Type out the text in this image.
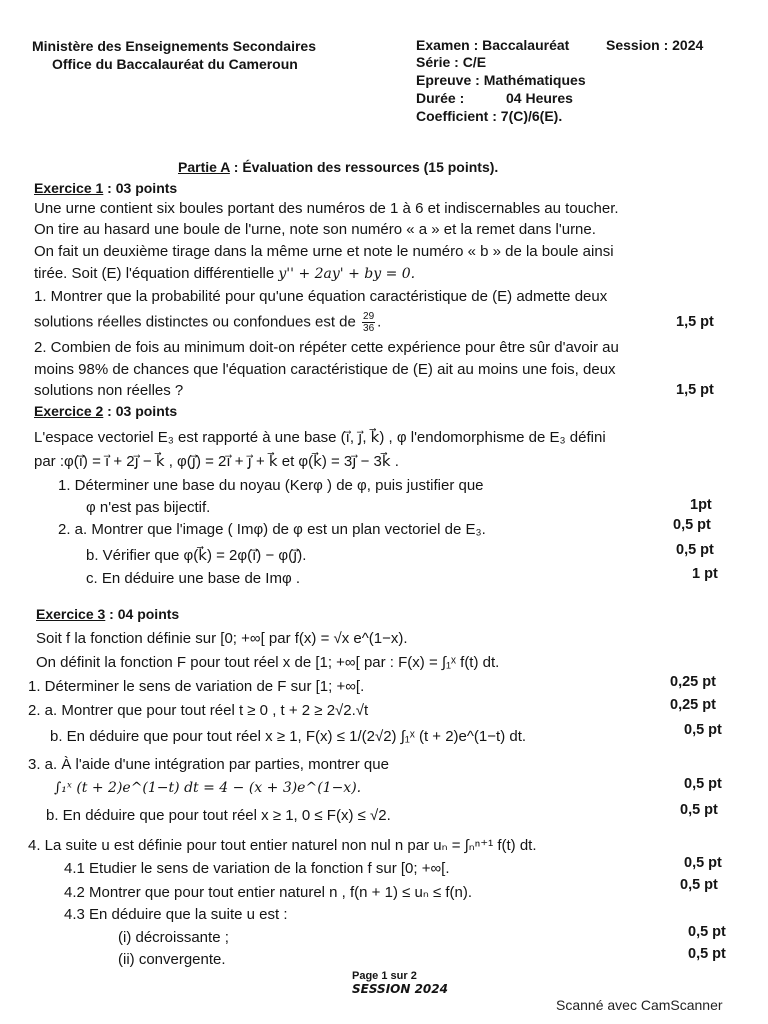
Ministère des Enseignements Secondaires
Office du Baccalauréat du Cameroun
Examen : Baccalauréat	Session : 2024
Série : C/E
Epreuve : Mathématiques
Durée :	04 Heures
Coefficient : 7(C)/6(E).
Partie A : Évaluation des ressources (15 points).
Exercice 1 : 03 points
Une urne contient six boules portant des numéros de 1 à 6 et indiscernables au toucher.
On tire au hasard une boule de l'urne, note son numéro « a » et la remet dans l'urne.
On fait un deuxième tirage dans la même urne et note le numéro « b » de la boule ainsi
tirée. Soit (E) l'équation différentielle y'' + 2ay' + by = 0.
1. Montrer que la probabilité pour qu'une équation caractéristique de (E) admette deux
solutions réelles distinctes ou confondues est de $\frac{29}{36}$ .	1,5 pt
2. Combien de fois au minimum doit-on répéter cette expérience pour être sûr d'avoir au
moins 98% de chances que l'équation caractéristique de (E) ait au moins une fois, deux
solutions non réelles ?	1,5 pt
Exercice 2 : 03 points
L'espace vectoriel E₃ est rapporté à une base (i⃗, j⃗, k⃗) , φ l'endomorphisme de E₃ défini
par :φ(i⃗) = i⃗ + 2j⃗ − k⃗ , φ(j⃗) = 2i⃗ + j⃗ + k⃗ et φ(k⃗) = 3j⃗ − 3k⃗ .
1. Déterminer une base du noyau (Kerφ ) de φ, puis justifier que
φ n'est pas bijectif.	1pt
2. a. Montrer que l'image ( Imφ) de φ est un plan vectoriel de E₃.	0,5 pt
b. Vérifier que φ(k⃗) = 2φ(i⃗) − φ(j⃗).	0,5 pt
c. En déduire une base de Imφ .	1 pt
Exercice 3 : 04 points
Soit f la fonction définie sur [0; +∞[ par f(x) = √x e^(1−x).
On définit la fonction F pour tout réel x de [1; +∞[ par : F(x) = ∫₁ˣ f(t) dt.
1. Déterminer le sens de variation de F sur [1; +∞[.	0,25 pt
2. a. Montrer que pour tout réel t ≥ 0 , t + 2 ≥ 2√2.√t	0,25 pt
b. En déduire que pour tout réel x ≥ 1, F(x) ≤ 1/(2√2) ∫₁ˣ (t + 2)e^(1−t) dt.	0,5 pt
3. a. À l'aide d'une intégration par parties, montrer que
∫₁ˣ (t + 2)e^(1−t) dt = 4 − (x + 3)e^(1−x).	0,5 pt
b. En déduire que pour tout réel x ≥ 1, 0 ≤ F(x) ≤ √2.	0,5 pt
4. La suite u est définie pour tout entier naturel non nul n par uₙ = ∫ₙⁿ⁺¹ f(t) dt.
4.1 Etudier le sens de variation de la fonction f sur [0; +∞[.	0,5 pt
4.2 Montrer que pour tout entier naturel n , f(n + 1) ≤ uₙ ≤ f(n).	0,5 pt
4.3 En déduire que la suite u est :
(i) décroissante ;	0,5 pt
(ii) convergente.	0,5 pt
Page 1 sur 2
SESSION 2024
Scanné avec CamScanner
